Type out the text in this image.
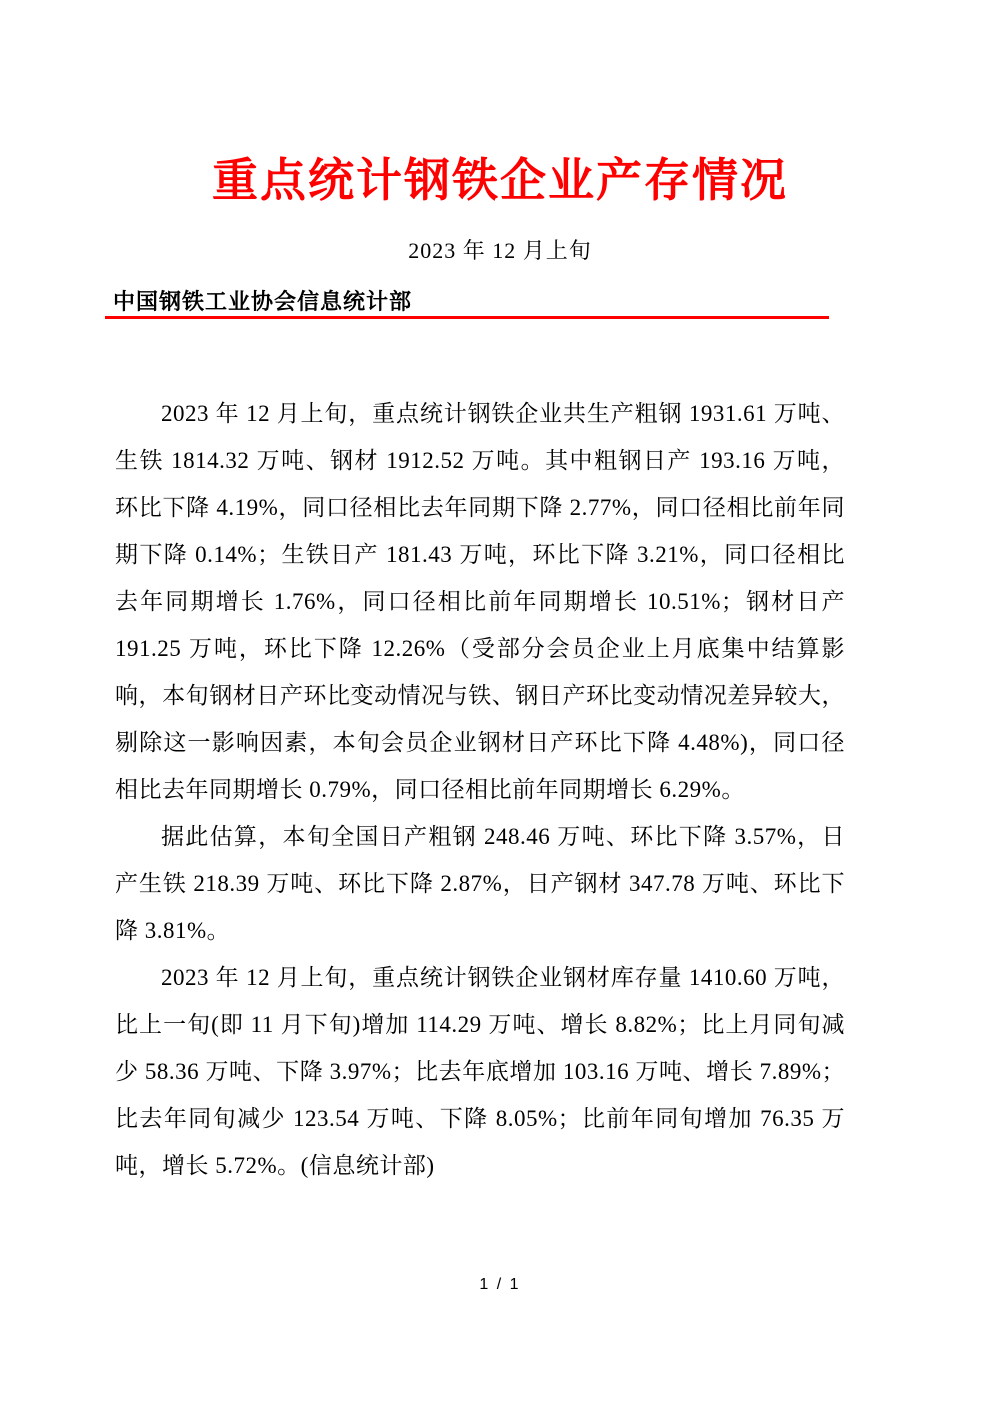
重点统计钢铁企业产存情况
2023 年 12 月上旬
中国钢铁工业协会信息统计部

2023 年 12 月上旬，重点统计钢铁企业共生产粗钢 1931.61 万吨、生铁 1814.32 万吨、钢材 1912.52 万吨。其中粗钢日产 193.16 万吨，环比下降 4.19%，同口径相比去年同期下降 2.77%，同口径相比前年同期下降 0.14%；生铁日产 181.43 万吨，环比下降 3.21%，同口径相比去年同期增长 1.76%，同口径相比前年同期增长 10.51%；钢材日产 191.25 万吨，环比下降 12.26%（受部分会员企业上月底集中结算影响，本旬钢材日产环比变动情况与铁、钢日产环比变动情况差异较大，剔除这一影响因素，本旬会员企业钢材日产环比下降 4.48%)，同口径相比去年同期增长 0.79%，同口径相比前年同期增长 6.29%。

据此估算，本旬全国日产粗钢 248.46 万吨、环比下降 3.57%，日产生铁 218.39 万吨、环比下降 2.87%，日产钢材 347.78 万吨、环比下降 3.81%。

2023 年 12 月上旬，重点统计钢铁企业钢材库存量 1410.60 万吨，比上一旬(即 11 月下旬)增加 114.29 万吨、增长 8.82%；比上月同旬减少 58.36 万吨、下降 3.97%；比去年底增加 103.16 万吨、增长 7.89%；比去年同旬减少 123.54 万吨、下降 8.05%；比前年同旬增加 76.35 万吨，增长 5.72%。(信息统计部)

1 / 1
